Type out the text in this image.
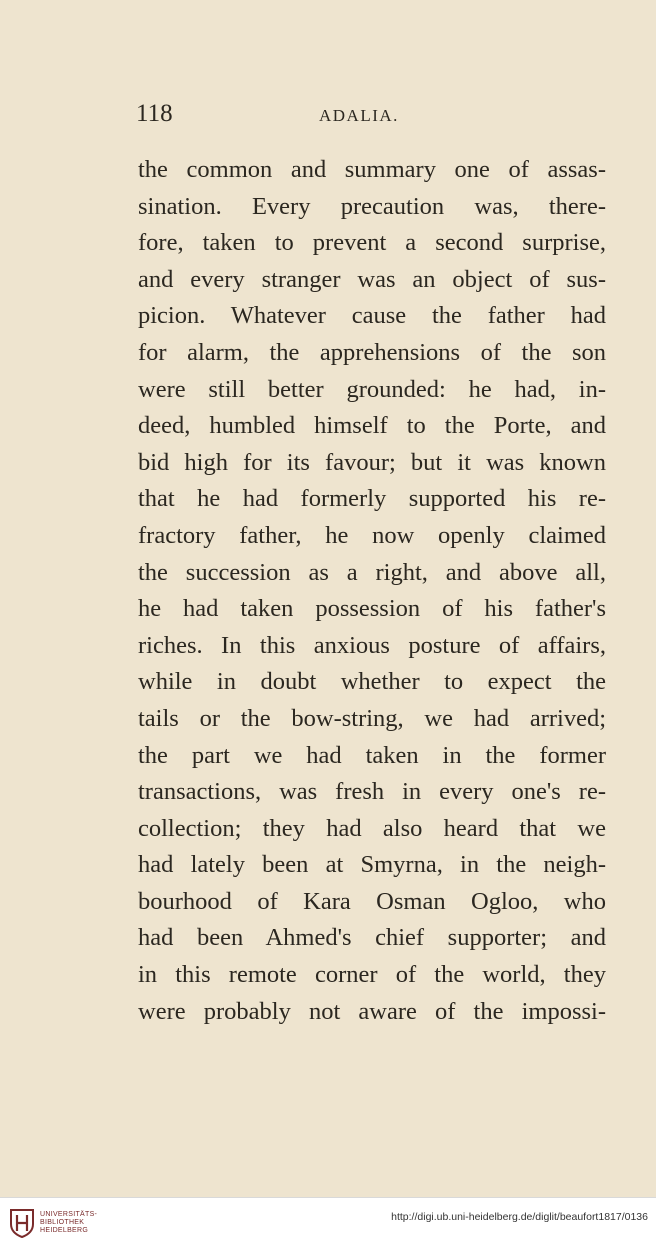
118	ADALIA.
the common and summary one of assas-
sination. Every precaution was, there-
fore, taken to prevent a second surprise,
and every stranger was an object of sus-
picion. Whatever cause the father had
for alarm, the apprehensions of the son
were still better grounded: he had, in-
deed, humbled himself to the Porte, and
bid high for its favour; but it was known
that he had formerly supported his re-
fractory father, he now openly claimed
the succession as a right, and above all,
he had taken possession of his father's
riches. In this anxious posture of affairs,
while in doubt whether to expect the
tails or the bow-string, we had arrived;
the part we had taken in the former
transactions, was fresh in every one's re-
collection; they had also heard that we
had lately been at Smyrna, in the neigh-
bourhood of Kara Osman Ogloo, who
had been Ahmed's chief supporter; and
in this remote corner of the world, they
were probably not aware of the impossi-
UNIVERSITÄTS-
BIBLIOTHEK
HEIDELBERG
http://digi.ub.uni-heidelberg.de/diglit/beaufort1817/0136
